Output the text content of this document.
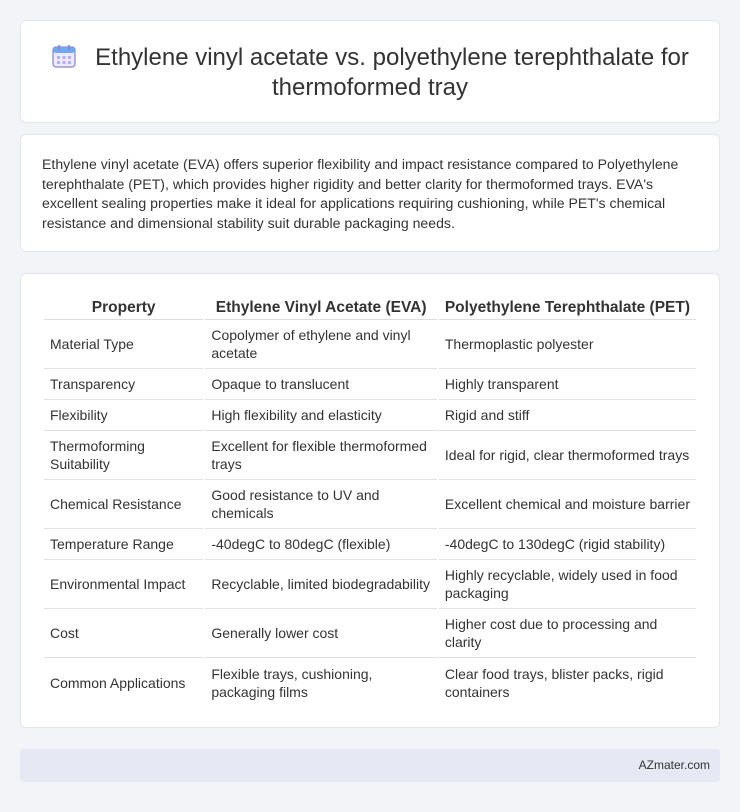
Ethylene vinyl acetate vs. polyethylene terephthalate for thermoformed tray

Ethylene vinyl acetate (EVA) offers superior flexibility and impact resistance compared to Polyethylene terephthalate (PET), which provides higher rigidity and better clarity for thermoformed trays. EVA's excellent sealing properties make it ideal for applications requiring cushioning, while PET's chemical resistance and dimensional stability suit durable packaging needs.

Property	Ethylene Vinyl Acetate (EVA)	Polyethylene Terephthalate (PET)
Material Type	Copolymer of ethylene and vinyl acetate	Thermoplastic polyester
Transparency	Opaque to translucent	Highly transparent
Flexibility	High flexibility and elasticity	Rigid and stiff
Thermoforming Suitability	Excellent for flexible thermoformed trays	Ideal for rigid, clear thermoformed trays
Chemical Resistance	Good resistance to UV and chemicals	Excellent chemical and moisture barrier
Temperature Range	-40degC to 80degC (flexible)	-40degC to 130degC (rigid stability)
Environmental Impact	Recyclable, limited biodegradability	Highly recyclable, widely used in food packaging
Cost	Generally lower cost	Higher cost due to processing and clarity
Common Applications	Flexible trays, cushioning, packaging films	Clear food trays, blister packs, rigid containers
AZmater.com
